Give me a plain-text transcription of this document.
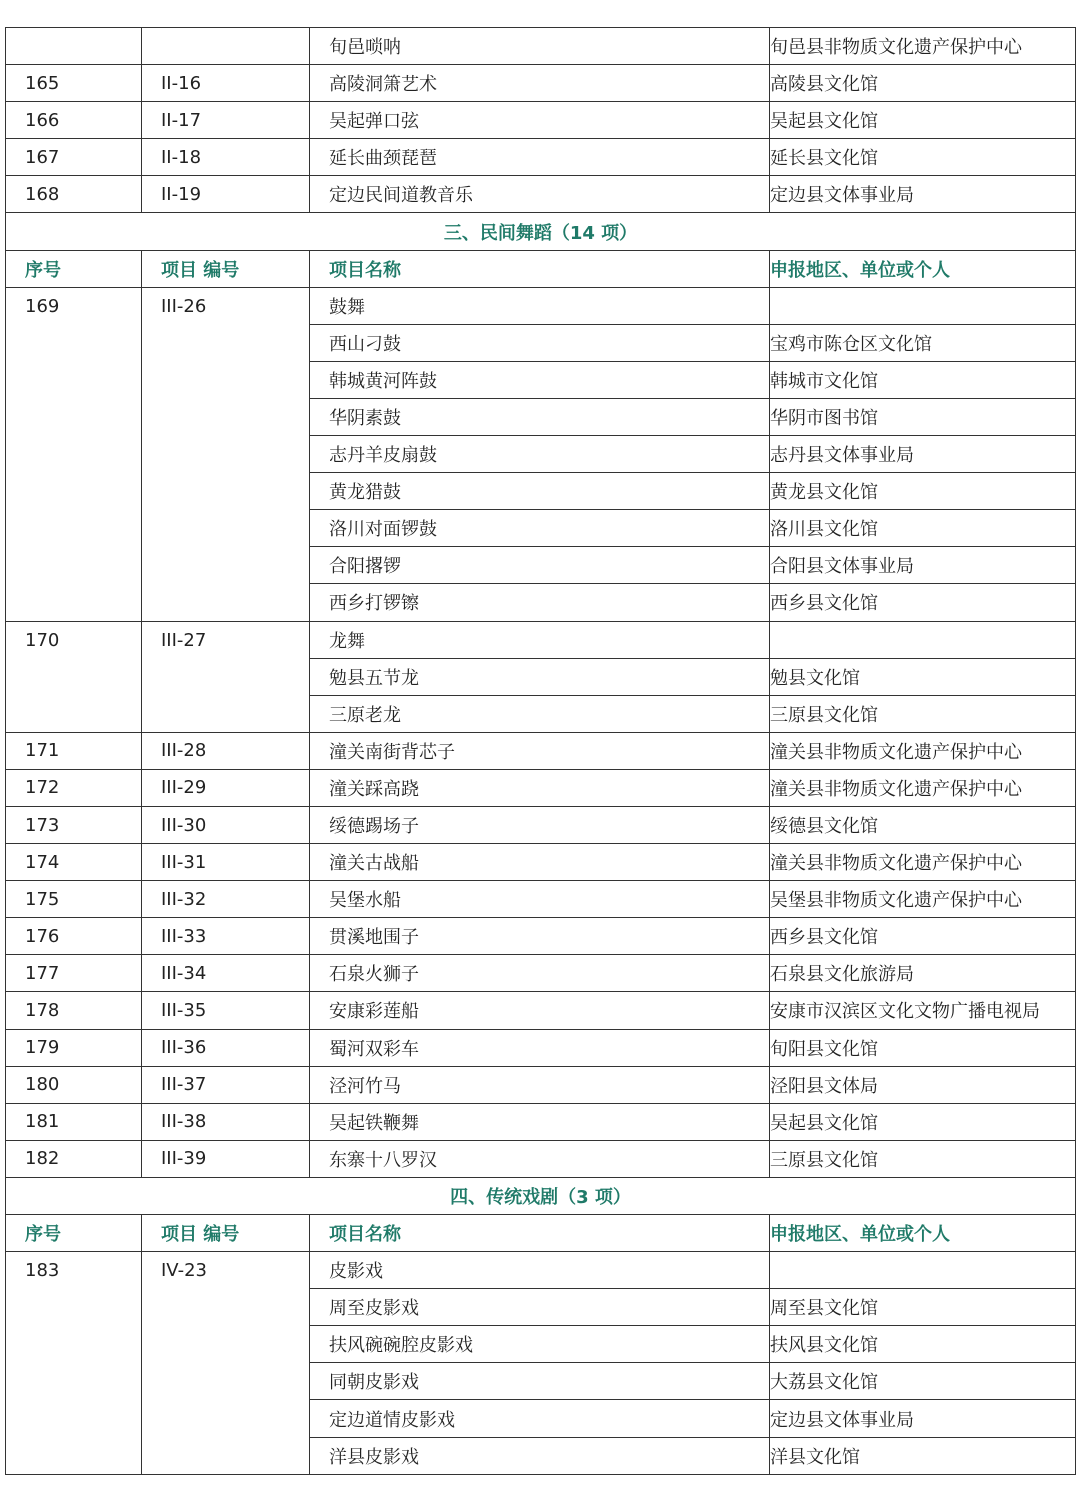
		旬邑唢呐	旬邑县非物质文化遗产保护中心
165	II-16	高陵洞箫艺术	高陵县文化馆
166	II-17	吴起弹口弦	吴起县文化馆
167	II-18	延长曲颈琵琶	延长县文化馆
168	II-19	定边民间道教音乐	定边县文体事业局
三、民间舞蹈（14 项）			
序号	项目 编号	项目名称	申报地区、单位或个人
169	III-26	鼓舞	
		西山刁鼓	宝鸡市陈仓区文化馆
		韩城黄河阵鼓	韩城市文化馆
		华阴素鼓	华阴市图书馆
		志丹羊皮扇鼓	志丹县文体事业局
		黄龙猎鼓	黄龙县文化馆
		洛川对面锣鼓	洛川县文化馆
		合阳撂锣	合阳县文体事业局
		西乡打锣镲	西乡县文化馆
170	III-27	龙舞	
		勉县五节龙	勉县文化馆
		三原老龙	三原县文化馆
171	III-28	潼关南街背芯子	潼关县非物质文化遗产保护中心
172	III-29	潼关踩高跷	潼关县非物质文化遗产保护中心
173	III-30	绥德踢场子	绥德县文化馆
174	III-31	潼关古战船	潼关县非物质文化遗产保护中心
175	III-32	吴堡水船	吴堡县非物质文化遗产保护中心
176	III-33	贯溪地围子	西乡县文化馆
177	III-34	石泉火狮子	石泉县文化旅游局
178	III-35	安康彩莲船	安康市汉滨区文化文物广播电视局
179	III-36	蜀河双彩车	旬阳县文化馆
180	III-37	泾河竹马	泾阳县文体局
181	III-38	吴起铁鞭舞	吴起县文化馆
182	III-39	东寨十八罗汉	三原县文化馆
四、传统戏剧（3 项）			
序号	项目 编号	项目名称	申报地区、单位或个人
183	IV-23	皮影戏	
		周至皮影戏	周至县文化馆
		扶风碗碗腔皮影戏	扶风县文化馆
		同朝皮影戏	大荔县文化馆
		定边道情皮影戏	定边县文体事业局
		洋县皮影戏	洋县文化馆
